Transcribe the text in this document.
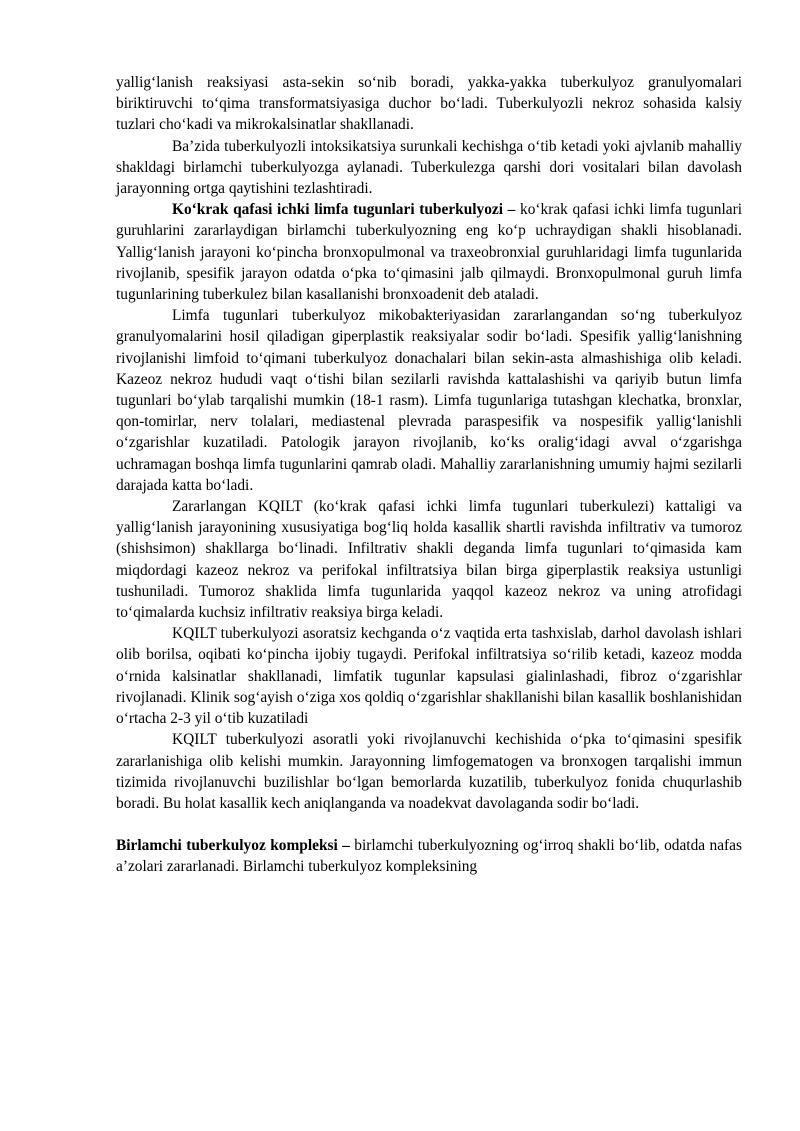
yallig‘lanish reaksiyasi asta-sekin so‘nib boradi, yakka-yakka tuberkulyoz granulyomalari biriktiruvchi to‘qima transformatsiyasiga duchor bo‘ladi. Tuberkulyozli nekroz sohasida kalsiy tuzlari cho‘kadi va mikrokalsinatlar shakllanadi.

Ba’zida tuberkulyozli intoksikatsiya surunkali kechishga o‘tib ketadi yoki ajvlanib mahalliy shakldagi birlamchi tuberkulyozga aylanadi. Tuberkulezga qarshi dori vositalari bilan davolash jarayonning ortga qaytishini tezlashtiradi.

Ko‘krak qafasi ichki limfa tugunlari tuberkulyozi – ko‘krak qafasi ichki limfa tugunlari guruhlarini zararlaydigan birlamchi tuberkulyozning eng ko‘p uchraydigan shakli hisoblanadi. Yallig‘lanish jarayoni ko‘pincha bronxopulmonal va traxeobronxial guruhlaridagi limfa tugunlarida rivojlanib, spesifik jarayon odatda o‘pka to‘qimasini jalb qilmaydi. Bronxopulmonal guruh limfa tugunlarining tuberkulez bilan kasallanishi bronxoadenit deb ataladi.

Limfa tugunlari tuberkulyoz mikobakteriyasidan zararlangandan so‘ng tuberkulyoz granulyomalarini hosil qiladigan giperplastik reaksiyalar sodir bo‘ladi. Spesifik yallig‘lanishning rivojlanishi limfoid to‘qimani tuberkulyoz donachalari bilan sekin-asta almashishiga olib keladi. Kazeoz nekroz hududi vaqt o‘tishi bilan sezilarli ravishda kattalashishi va qariyib butun limfa tugunlari bo‘ylab tarqalishi mumkin (18-1 rasm). Limfa tugunlariga tutashgan klechatka, bronxlar, qon-tomirlar, nerv tolalari, mediastenal plevrada paraspesifik va nospesifik yallig‘lanishli o‘zgarishlar kuzatiladi. Patologik jarayon rivojlanib, ko‘ks oralig‘idagi avval o‘zgarishga uchramagan boshqa limfa tugunlarini qamrab oladi. Mahalliy zararlanishning umumiy hajmi sezilarli darajada katta bo‘ladi.

Zararlangan KQILT (ko‘krak qafasi ichki limfa tugunlari tuberkulezi) kattaligi va yallig‘lanish jarayonining xususiyatiga bog‘liq holda kasallik shartli ravishda infiltrativ va tumoroz (shishsimon) shakllarga bo‘linadi. Infiltrativ shakli deganda limfa tugunlari to‘qimasida kam miqdordagi kazeoz nekroz va perifokal infiltratsiya bilan birga giperplastik reaksiya ustunligi tushuniladi. Tumoroz shaklida limfa tugunlarida yaqqol kazeoz nekroz va uning atrofidagi to‘qimalarda kuchsiz infiltrativ reaksiya birga keladi.

KQILT tuberkulyozi asoratsiz kechganda o‘z vaqtida erta tashxislab, darhol davolash ishlari olib borilsa, oqibati ko‘pincha ijobiy tugaydi. Perifokal infiltratsiya so‘rilib ketadi, kazeoz modda o‘rnida kalsinatlar shakllanadi, limfatik tugunlar kapsulasi gialinlashadi, fibroz o‘zgarishlar rivojlanadi. Klinik sog‘ayish o‘ziga xos qoldiq o‘zgarishlar shakllanishi bilan kasallik boshlanishidan o‘rtacha 2-3 yil o‘tib kuzatiladi

KQILT tuberkulyozi asoratli yoki rivojlanuvchi kechishida o‘pka to‘qimasini spesifik zararlanishiga olib kelishi mumkin. Jarayonning limfogematogen va bronxogen tarqalishi immun tizimida rivojlanuvchi buzilishlar bo‘lgan bemorlarda kuzatilib, tuberkulyoz fonida chuqurlashib boradi. Bu holat kasallik kech aniqlanganda va noadekvat davolaganda sodir bo‘ladi.

Birlamchi tuberkulyoz kompleksi – birlamchi tuberkulyozning og‘irroq shakli bo‘lib, odatda nafas a’zolari zararlanadi. Birlamchi tuberkulyoz kompleksining
